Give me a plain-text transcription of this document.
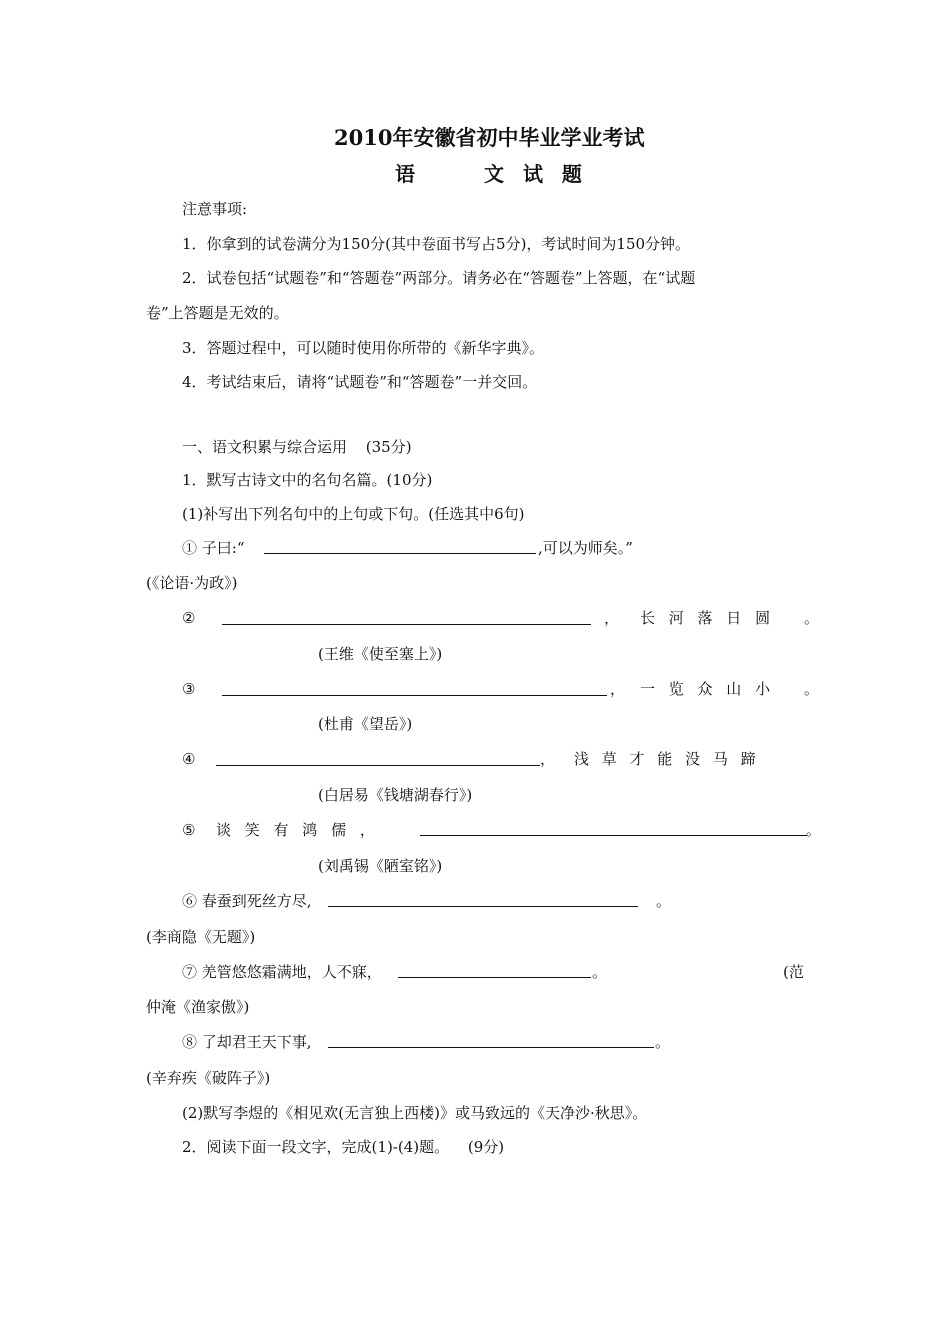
2010年安徽省初中毕业学业考试
语	文 试 题
注意事项:
1．你拿到的试卷满分为150分(其中卷面书写占5分)，考试时间为150分钟。
2．试卷包括“试题卷”和“答题卷”两部分。请务必在“答题卷”上答题，在“试题
卷”上答题是无效的。
3．答题过程中，可以随时使用你所带的《新华字典》。
4．考试结束后，请将“试题卷”和“答题卷”一并交回。
一、语文积累与综合运用 (35分)
1．默写古诗文中的名句名篇。(10分)
(1)补写出下列名句中的上句或下句。(任选其中6句)
① 子曰:“	,可以为师矣。”
(《论语·为政》)
②	， 长 河 落 日 圆 。
(王维《使至塞上》)
③	， 一 览 众 山 小 。
(杜甫《望岳》)
④	， 浅 草 才 能 没 马 蹄
(白居易《钱塘湖春行》)
⑤ 谈 笑 有 鸿 儒 ，	。
(刘禹锡《陋室铭》)
⑥ 春蚕到死丝方尽,	。
(李商隐《无题》)
⑦ 羌管悠悠霜满地，人不寐，	。	(范
仲淹《渔家傲》)
⑧ 了却君王天下事,	。
(辛弃疾《破阵子》)
(2)默写李煜的《相见欢(无言独上西楼)》或马致远的《天净沙·秋思》。
2．阅读下面一段文字，完成(1)-(4)题。 (9分)
